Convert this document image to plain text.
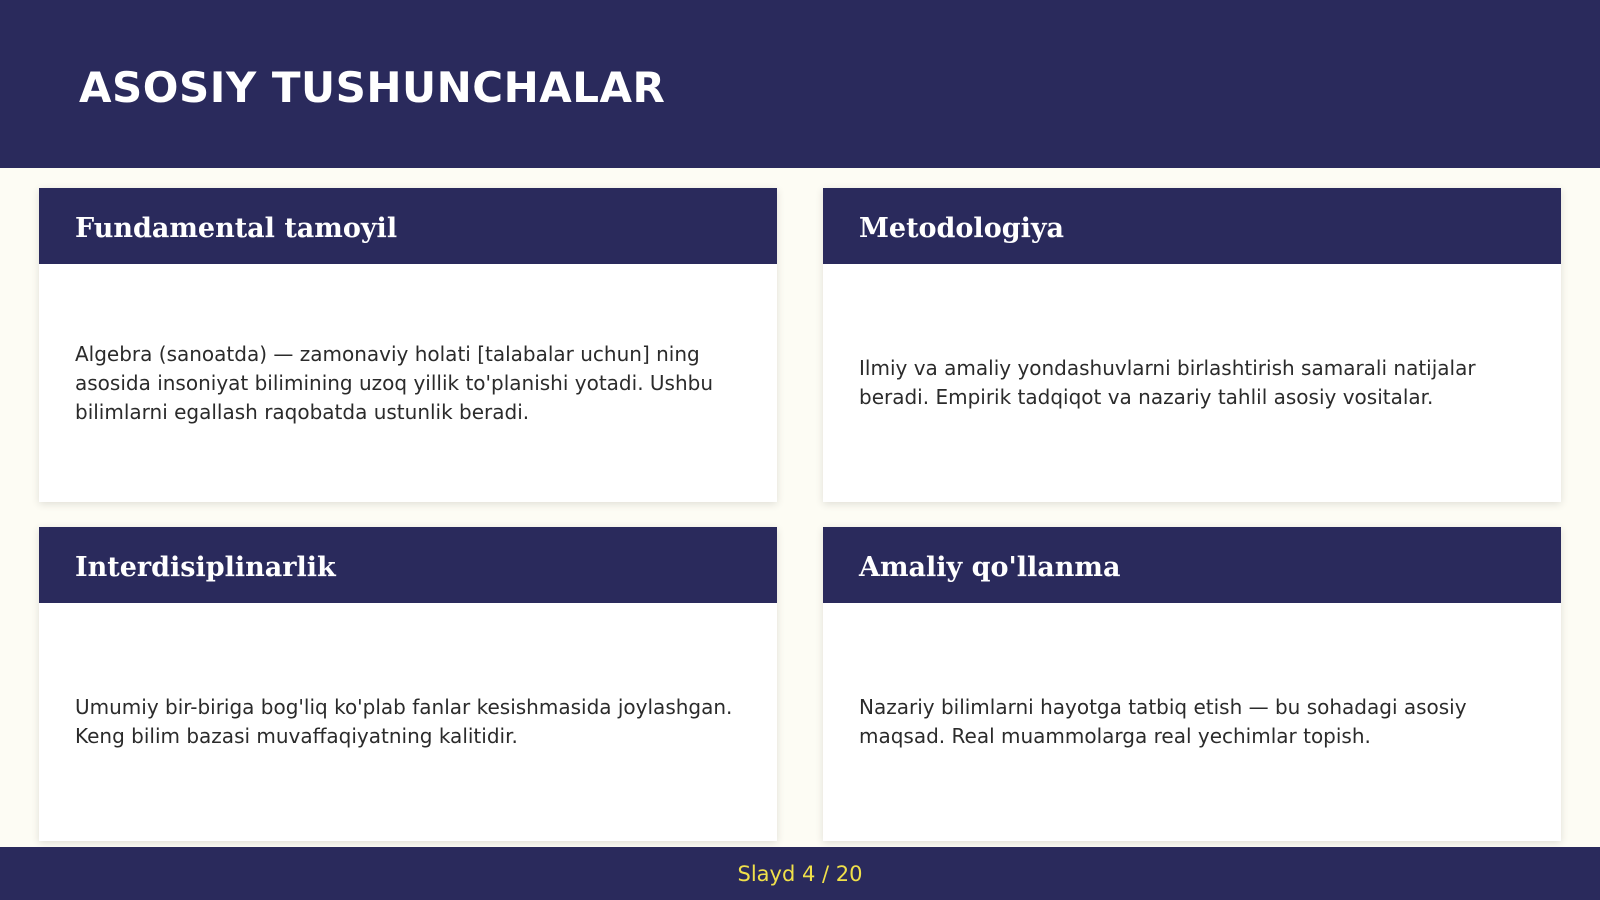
ASOSIY TUSHUNCHALAR
Fundamental tamoyil

Algebra (sanoatda) — zamonaviy holati [talabalar uchun] ning asosida insoniyat bilimining uzoq yillik to'planishi yotadi. Ushbu bilimlarni egallash raqobatda ustunlik beradi.

Metodologiya

Ilmiy va amaliy yondashuvlarni birlashtirish samarali natijalar beradi. Empirik tadqiqot va nazariy tahlil asosiy vositalar.

Interdisiplinarlik

Umumiy bir-biriga bog'liq ko'plab fanlar kesishmasida joylashgan. Keng bilim bazasi muvaffaqiyatning kalitidir.

Amaliy qo'llanma

Nazariy bilimlarni hayotga tatbiq etish — bu sohadagi asosiy maqsad. Real muammolarga real yechimlar topish.

Slayd 4 / 20
